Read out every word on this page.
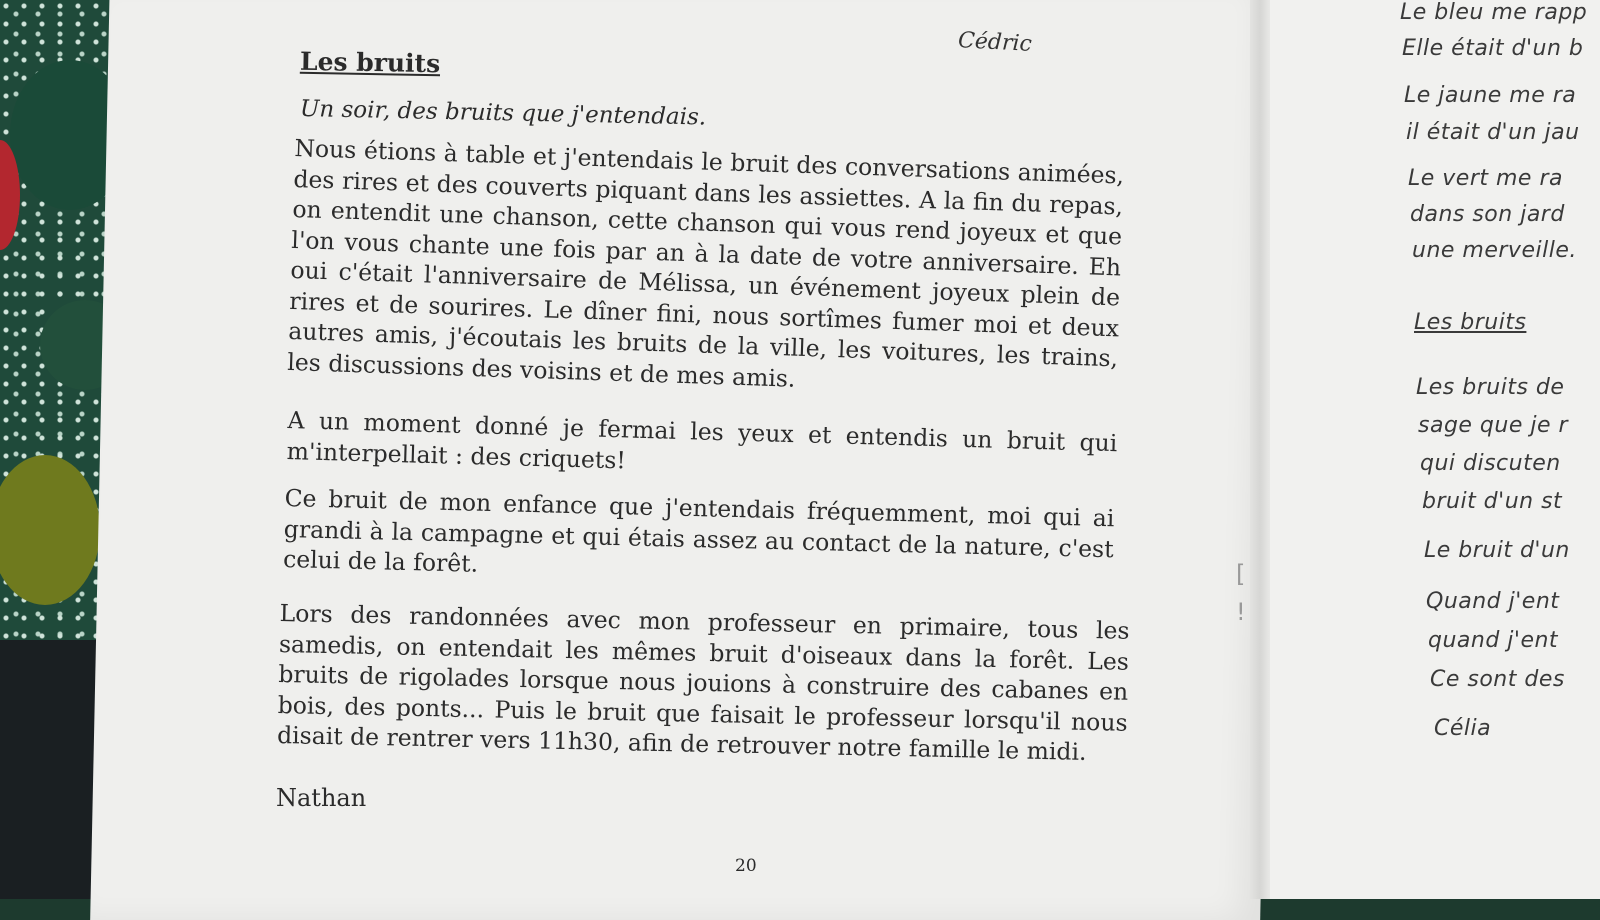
Cédric
Les bruits
Un soir, des bruits que j'entendais.
Nous étions à table et j'entendais le bruit des conversations animées, des rires et des couverts piquant dans les assiettes. A la fin du repas, on entendit une chanson, cette chanson qui vous rend joyeux et que l'on vous chante une fois par an à la date de votre anniversaire. Eh oui c'était l'anniversaire de Mélissa, un événement joyeux plein de rires et de sourires. Le dîner fini, nous sortîmes fumer moi et deux autres amis, j'écoutais les bruits de la ville, les voitures, les trains, les discussions des voisins et de mes amis.
A un moment donné je fermai les yeux et entendis un bruit qui m'interpellait : des criquets!
Ce bruit de mon enfance que j'entendais fréquemment, moi qui ai grandi à la campagne et qui étais assez au contact de la nature, c'est celui de la forêt.
Lors des randonnées avec mon professeur en primaire, tous les samedis, on entendait les mêmes bruit d'oiseaux dans la forêt. Les bruits de rigolades lorsque nous jouions à construire des cabanes en bois, des ponts... Puis le bruit que faisait le professeur lorsqu'il nous disait de rentrer vers 11h30, afin de retrouver notre famille le midi.
Nathan
20
[
!
Le bleu me rapp
Elle était d'un b
Le jaune me ra
il était d'un jau
Le vert me ra
dans son jard
une merveille.
Les bruits
Les bruits de
sage que je r
qui discuten
bruit d'un st
Le bruit d'un
Quand j'ent
quand j'ent
Ce sont des
Célia
